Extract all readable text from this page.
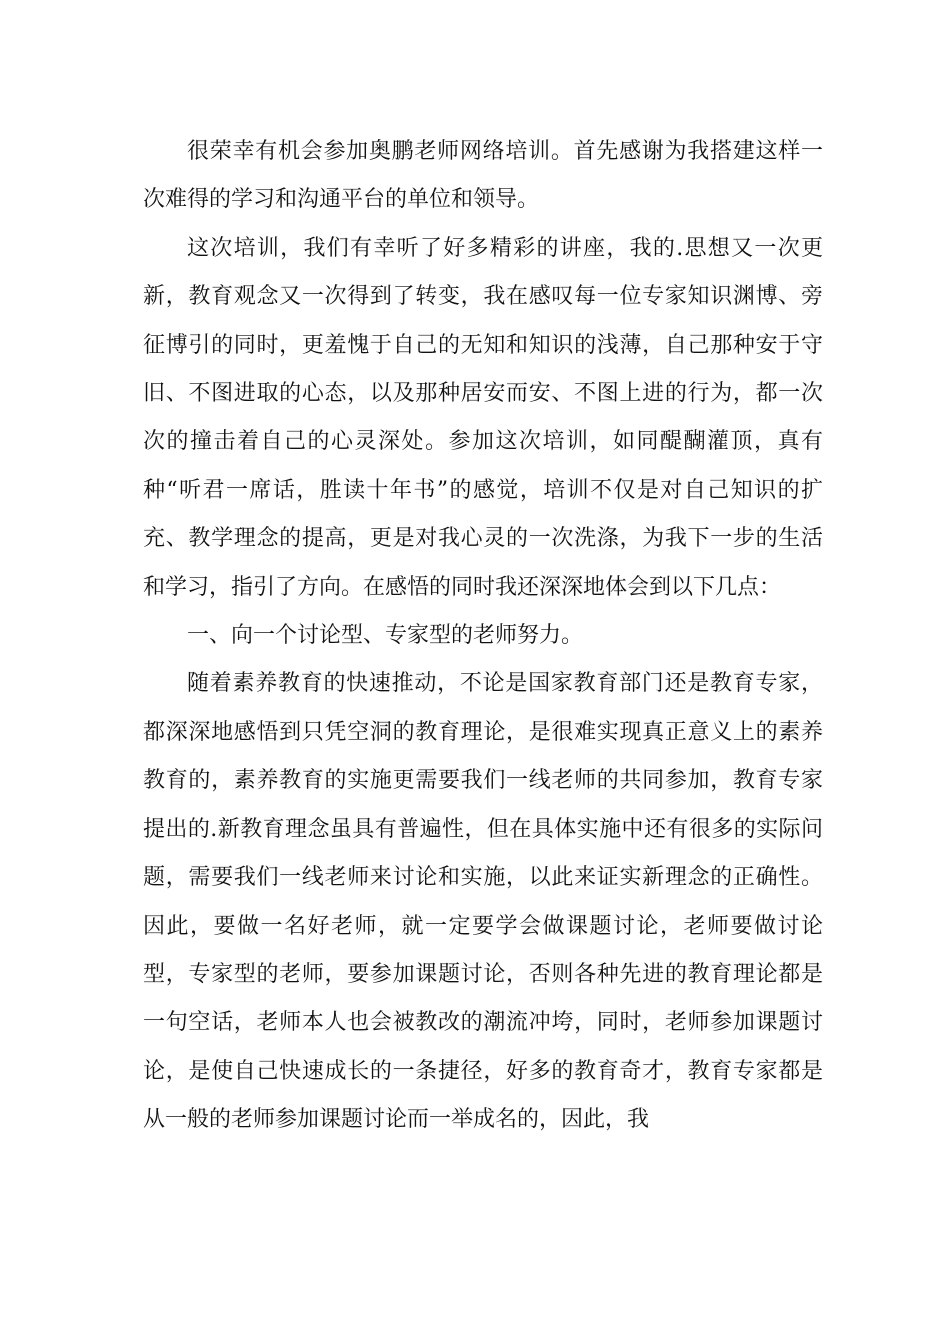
很荣幸有机会参加奥鹏老师网络培训。首先感谢为我搭建这样一次难得的学习和沟通平台的单位和领导。

这次培训，我们有幸听了好多精彩的讲座，我的.思想又一次更新，教育观念又一次得到了转变，我在感叹每一位专家知识渊博、旁征博引的同时，更羞愧于自己的无知和知识的浅薄，自己那种安于守旧、不图进取的心态，以及那种居安而安、不图上进的行为，都一次次的撞击着自己的心灵深处。参加这次培训，如同醍醐灌顶，真有种“听君一席话，胜读十年书”的感觉，培训不仅是对自己知识的扩充、教学理念的提高，更是对我心灵的一次洗涤，为我下一步的生活和学习，指引了方向。在感悟的同时我还深深地体会到以下几点：

一、向一个讨论型、专家型的老师努力。

随着素养教育的快速推动，不论是国家教育部门还是教育专家，都深深地感悟到只凭空洞的教育理论，是很难实现真正意义上的素养教育的，素养教育的实施更需要我们一线老师的共同参加，教育专家提出的.新教育理念虽具有普遍性，但在具体实施中还有很多的实际问题，需要我们一线老师来讨论和实施，以此来证实新理念的正确性。因此，要做一名好老师，就一定要学会做课题讨论，老师要做讨论型，专家型的老师，要参加课题讨论，否则各种先进的教育理论都是一句空话，老师本人也会被教改的潮流冲垮，同时，老师参加课题讨论，是使自己快速成长的一条捷径，好多的教育奇才，教育专家都是从一般的老师参加课题讨论而一举成名的，因此，我
